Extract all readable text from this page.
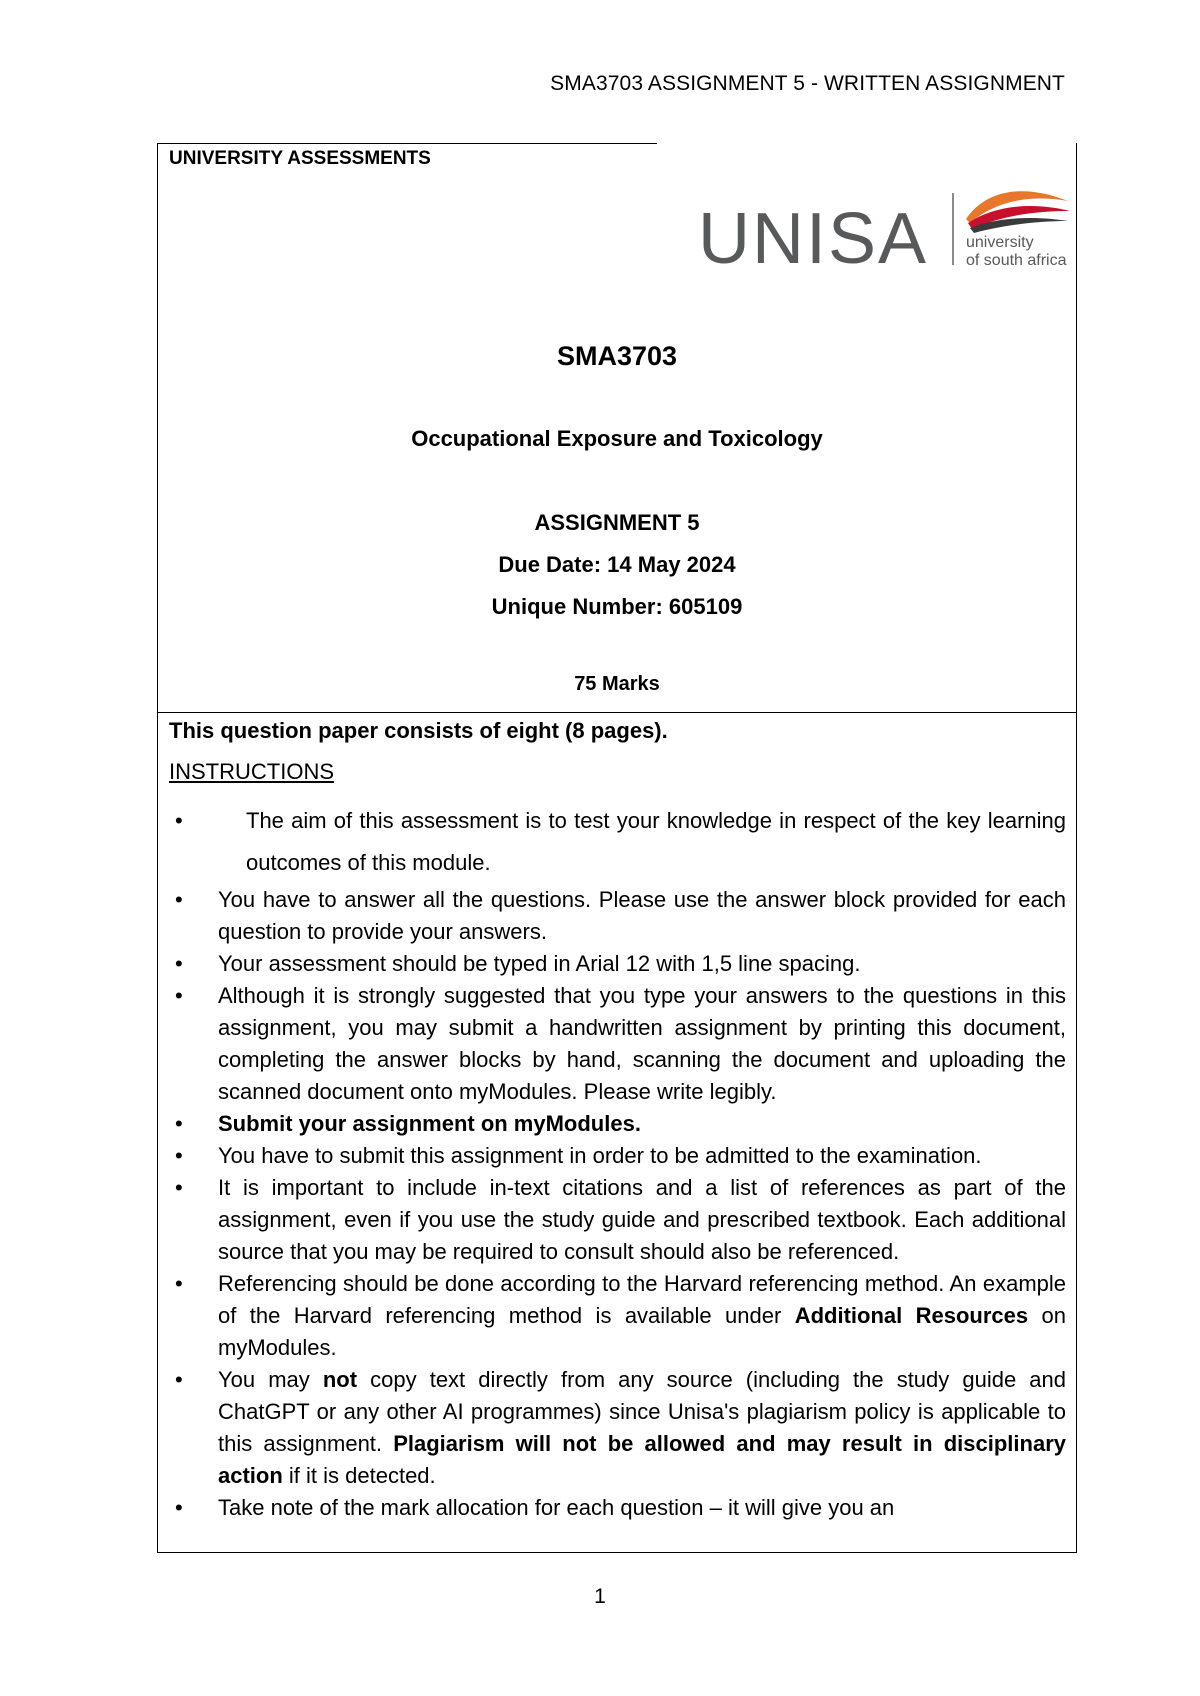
SMA3703 ASSIGNMENT 5 - WRITTEN ASSIGNMENT
UNIVERSITY ASSESSMENTS
UNISA university
of south africa
SMA3703
Occupational Exposure and Toxicology
ASSIGNMENT 5
Due Date: 14 May 2024
Unique Number: 605109
75 Marks
This question paper consists of eight (8 pages).
INSTRUCTIONS
•	The aim of this assessment is to test your knowledge in respect of the key learning outcomes of this module.
• You have to answer all the questions. Please use the answer block provided for each question to provide your answers.
• Your assessment should be typed in Arial 12 with 1,5 line spacing.
• Although it is strongly suggested that you type your answers to the questions in this assignment, you may submit a handwritten assignment by printing this document, completing the answer blocks by hand, scanning the document and uploading the scanned document onto myModules. Please write legibly.
• Submit your assignment on myModules.
• You have to submit this assignment in order to be admitted to the examination.
• It is important to include in-text citations and a list of references as part of the assignment, even if you use the study guide and prescribed textbook. Each additional source that you may be required to consult should also be referenced.
• Referencing should be done according to the Harvard referencing method. An example of the Harvard referencing method is available under Additional Resources on myModules.
• You may not copy text directly from any source (including the study guide and ChatGPT or any other AI programmes) since Unisa's plagiarism policy is applicable to this assignment. Plagiarism will not be allowed and may result in disciplinary action if it is detected.
• Take note of the mark allocation for each question – it will give you an
1
